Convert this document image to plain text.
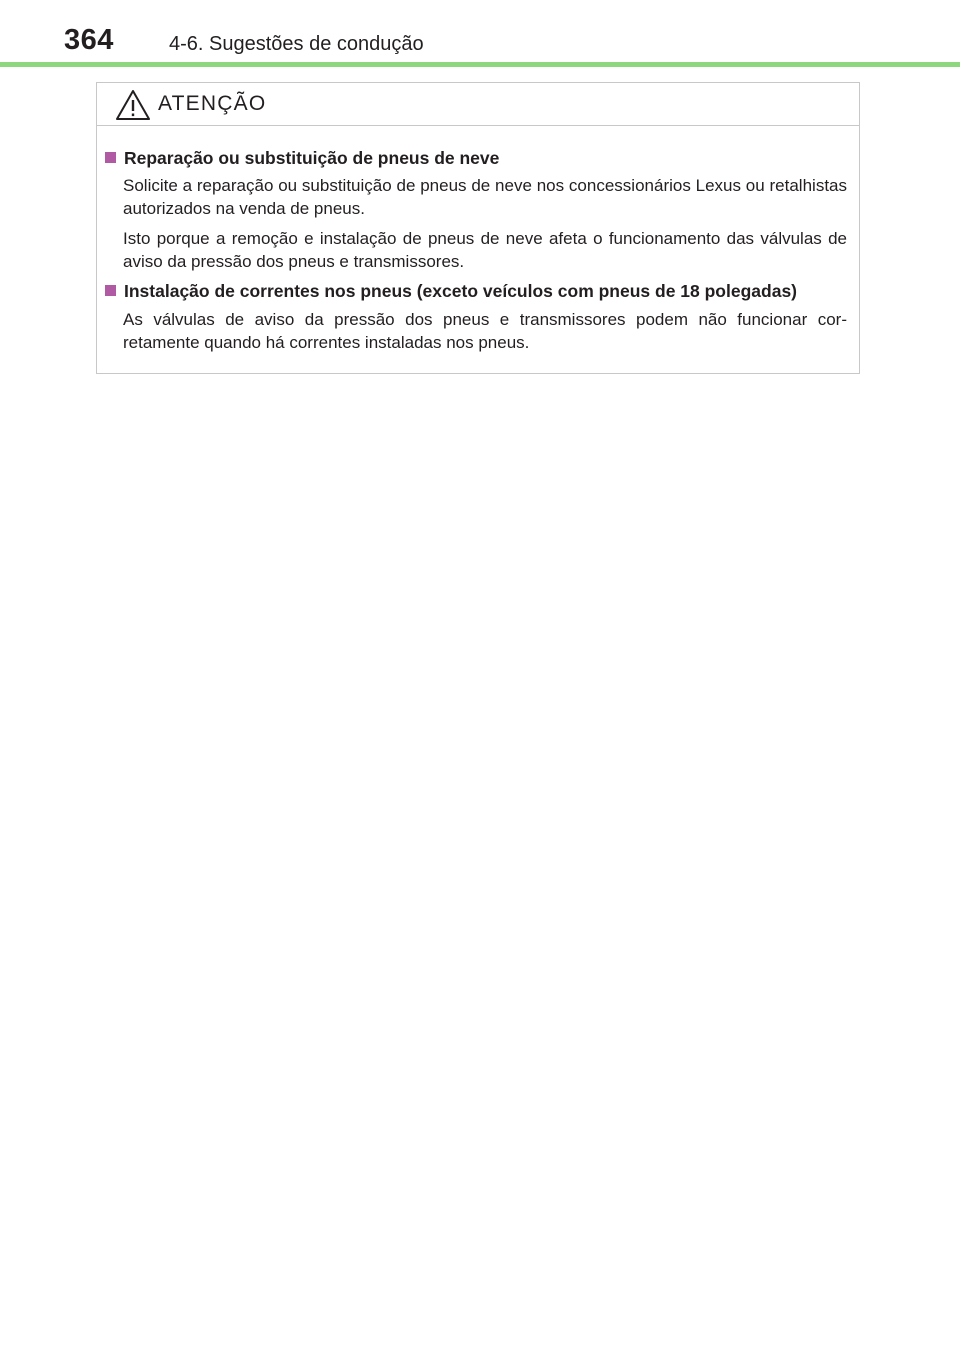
364	4-6. Sugestões de condução
ATENÇÃO
Reparação ou substituição de pneus de neve
Solicite a reparação ou substituição de pneus de neve nos concessionários Lexus ou retalhistas autorizados na venda de pneus.
Isto porque a remoção e instalação de pneus de neve afeta o funcionamento das válvulas de aviso da pressão dos pneus e transmissores.
Instalação de correntes nos pneus (exceto veículos com pneus de 18 polegadas)
As válvulas de aviso da pressão dos pneus e transmissores podem não funcionar cor-retamente quando há correntes instaladas nos pneus.
